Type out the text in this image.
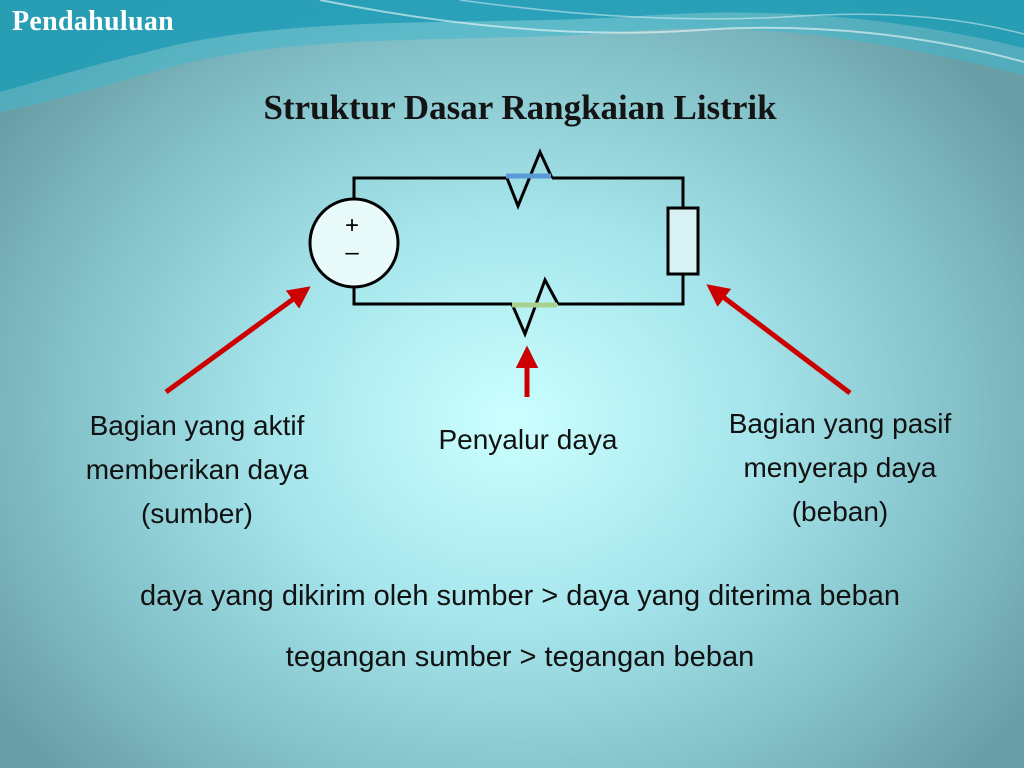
Pendahuluan
Struktur Dasar Rangkaian Listrik
+
–
Bagian yang aktif
memberikan daya
(sumber)
Penyalur daya
Bagian yang pasif
menyerap daya
(beban)
daya yang dikirim oleh sumber > daya yang diterima beban
tegangan sumber > tegangan beban
